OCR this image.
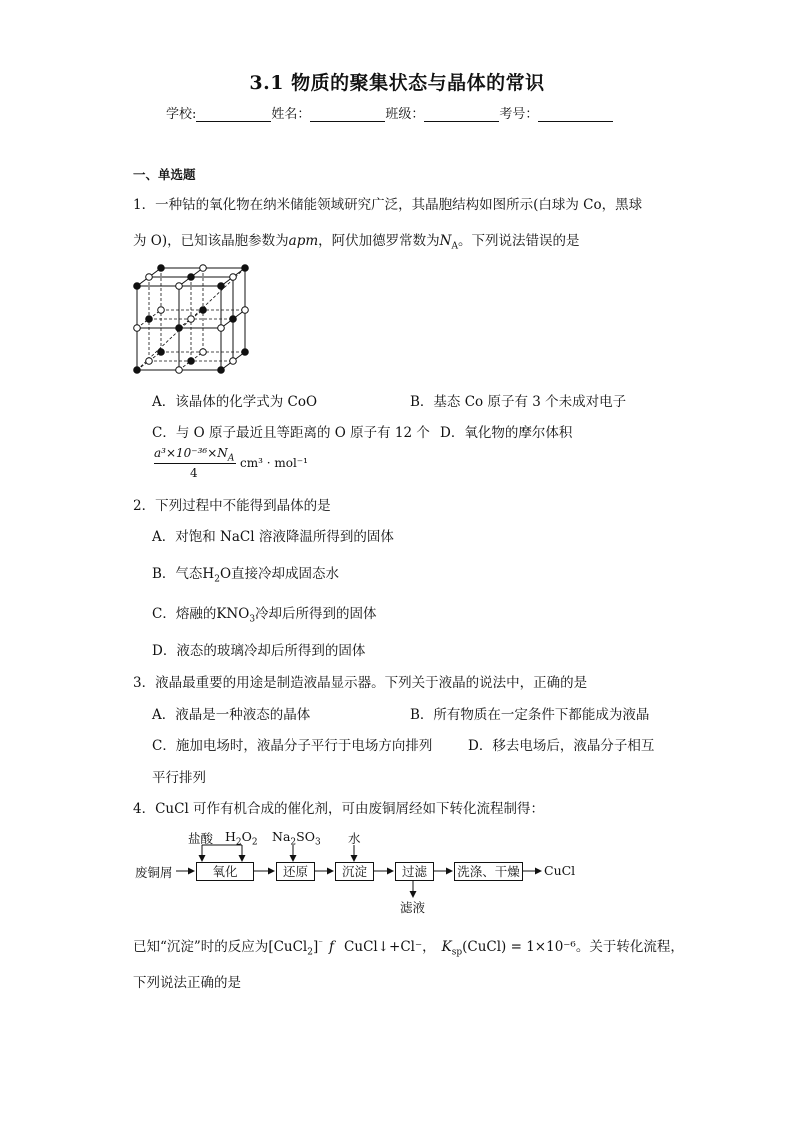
3.1 物质的聚集状态与晶体的常识
学校:	姓名：	班级：	考号：
一、单选题
1．一种钴的氧化物在纳米储能领域研究广泛，其晶胞结构如图所示(白球为 Co，黑球
为 O)，已知该晶胞参数为apm，阿伏加德罗常数为$N_A$。下列说法错误的是
A．该晶体的化学式为 CoO	B．基态 Co 原子有 3 个未成对电子
C．与 O 原子最近且等距离的 O 原子有 12 个 D．氧化物的摩尔体积
$a^3\times 10^{-36}\times N_A$
4
cm³ · mol⁻¹
2．下列过程中不能得到晶体的是
A．对饱和 NaCl 溶液降温所得到的固体
B．气态$H_2O$直接冷却成固态水
C．熔融的$KNO_3$冷却后所得到的固体
D．液态的玻璃冷却后所得到的固体
3．液晶最重要的用途是制造液晶显示器。下列关于液晶的说法中，正确的是
A．液晶是一种液态的晶体	B．所有物质在一定条件下都能成为液晶
C．施加电场时，液晶分子平行于电场方向排列	D．移去电场后，液晶分子相互
平行排列
4．CuCl 可作有机合成的催化剂，可由废铜屑经如下转化流程制得：
废铜屑	氧化	还原	沉淀	过滤	洗涤、干燥 CuCl
盐酸 $H_2O_2$ $Na_2SO_3$ 水
滤液
已知“沉淀”时的反应为[CuCl$_2$]⁻ f CuCl↓+Cl⁻， $K_{sp}(CuCl) = 1\times 10^{-6}$。关于转化流程，
下列说法正确的是
